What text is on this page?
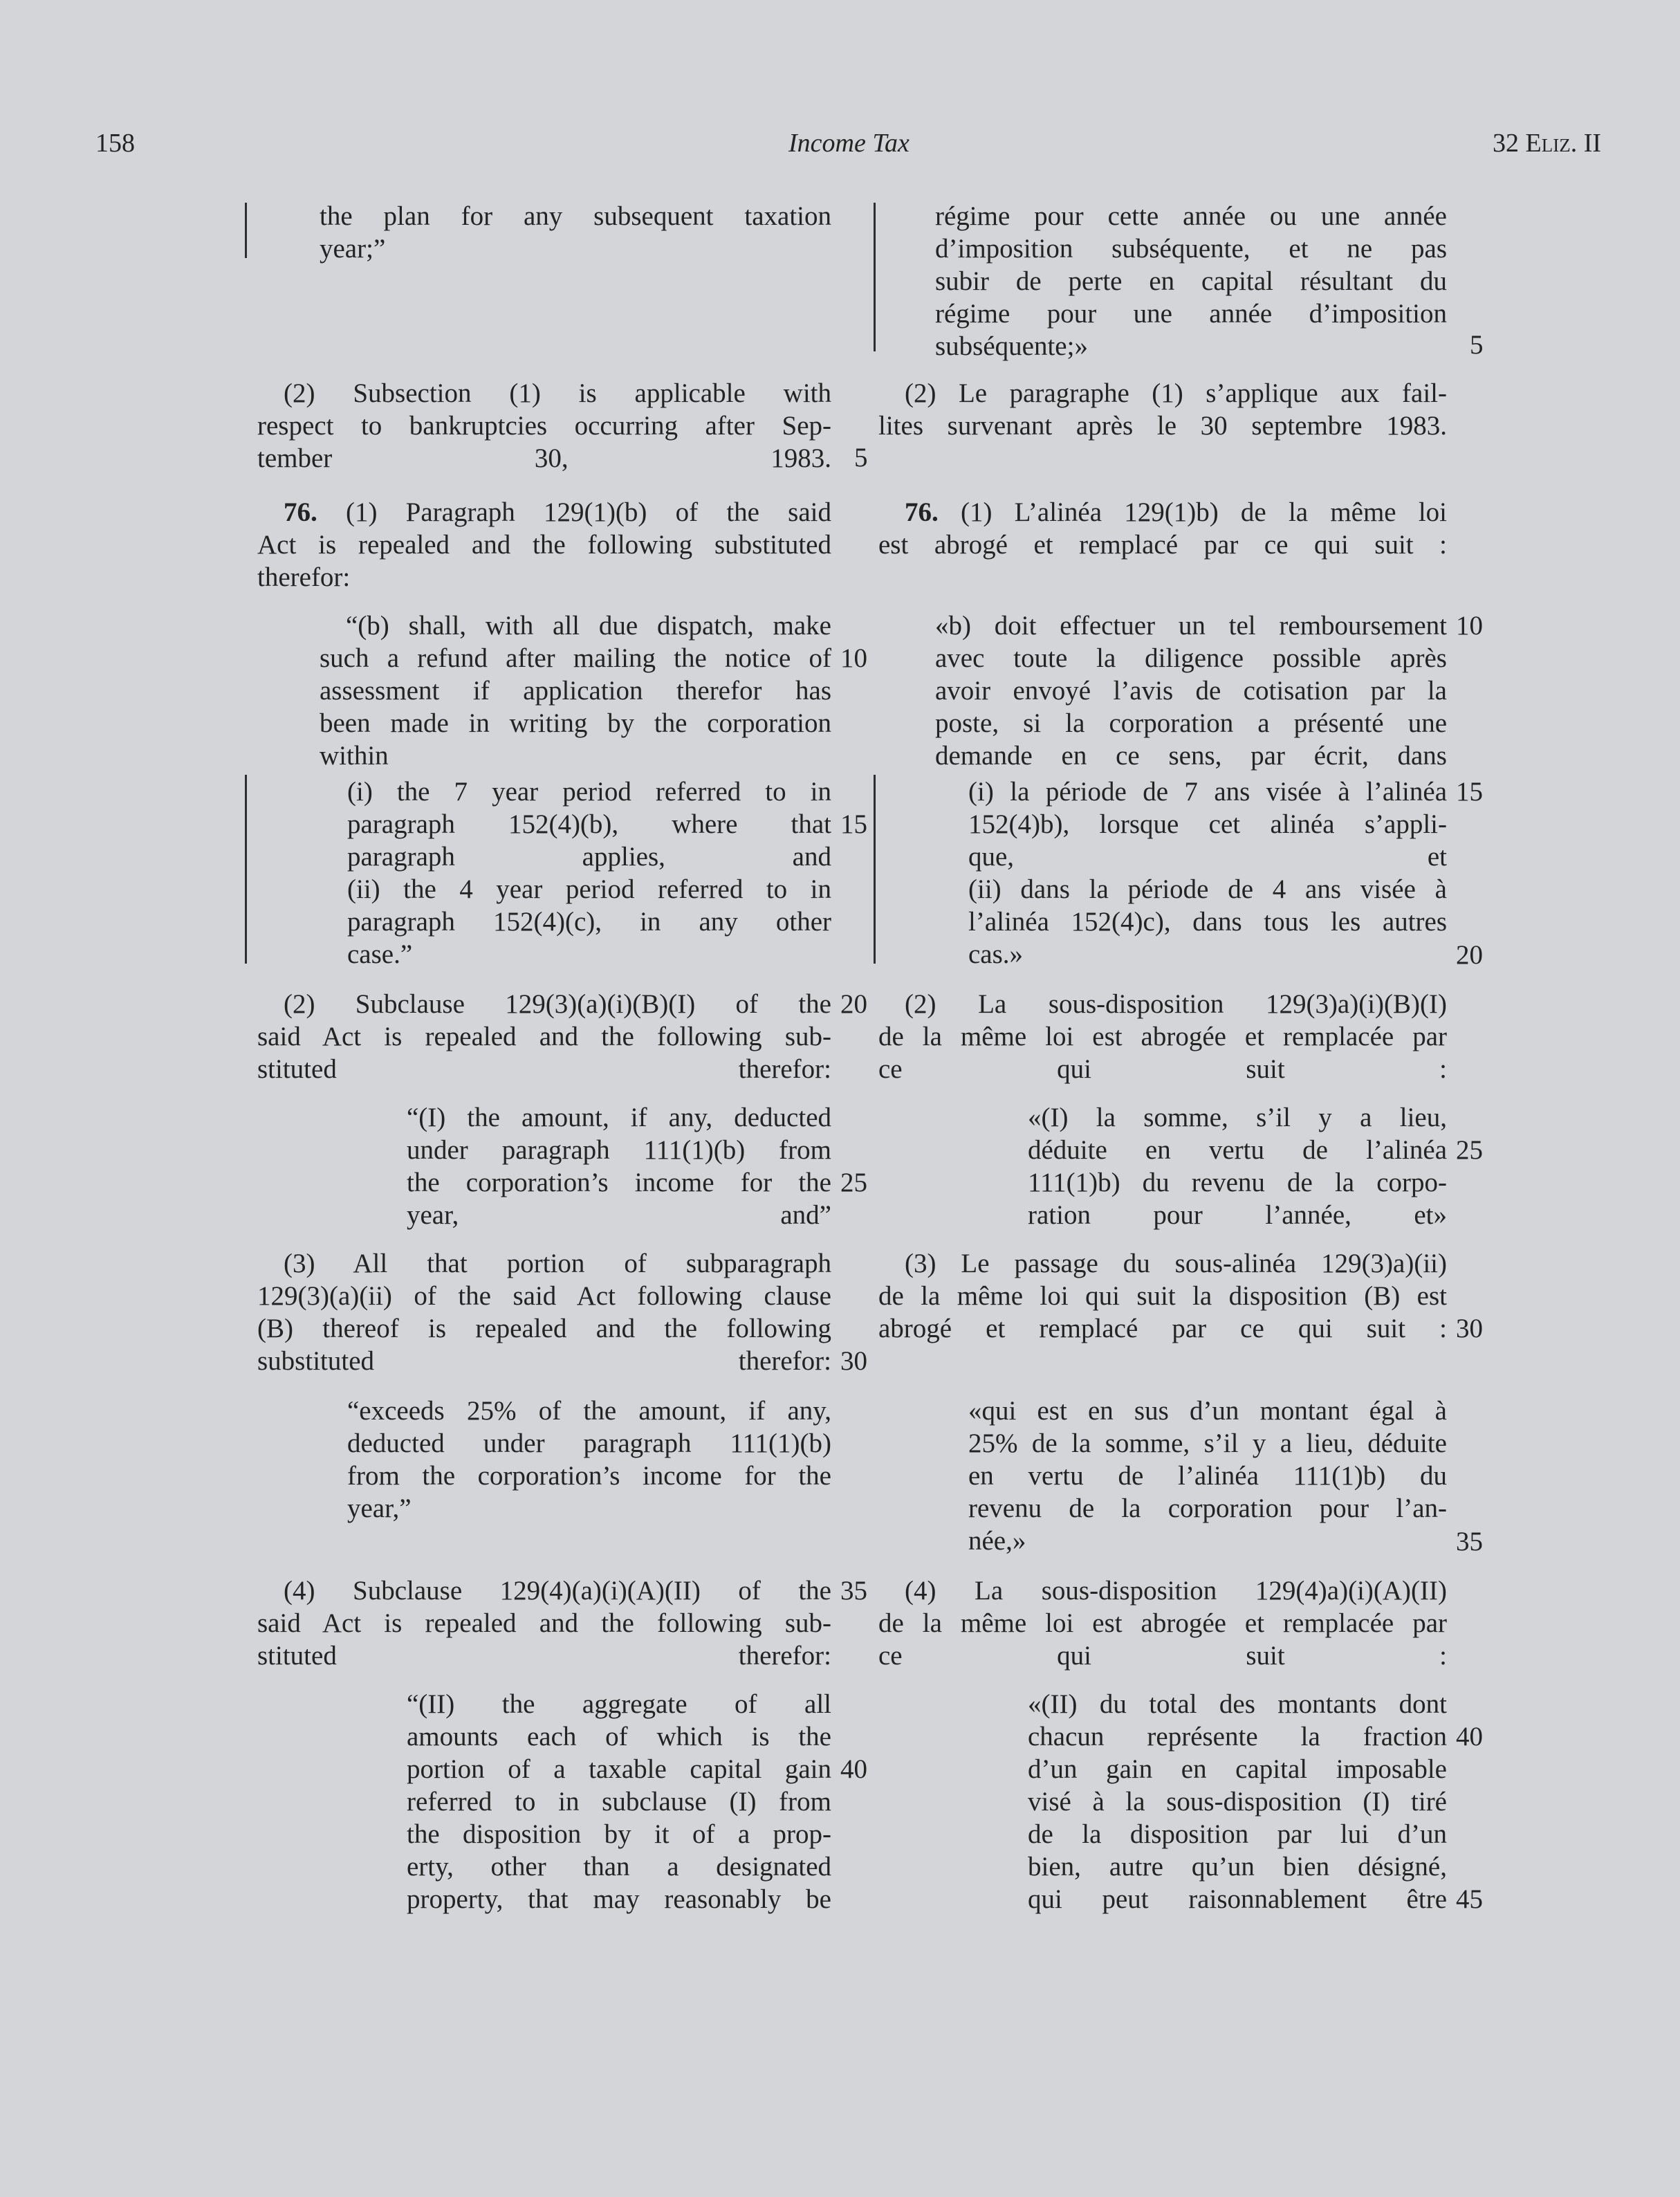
158	Income Tax	32 Eliz. II
the plan for any subsequent taxation
year;”
(2) Subsection (1) is applicable with
respect to bankruptcies occurring after Sep-
tember 30, 1983.
76. (1) Paragraph 129(1)(b) of the said
Act is repealed and the following substituted
therefor:
“(b) shall, with all due dispatch, make
such a refund after mailing the notice of
assessment if application therefor has
been made in writing by the corporation
within
(i) the 7 year period referred to in
paragraph 152(4)(b), where that
paragraph applies, and
(ii) the 4 year period referred to in
paragraph 152(4)(c), in any other
case.”
(2) Subclause 129(3)(a)(i)(B)(I) of the
said Act is repealed and the following sub-
stituted therefor:
“(I) the amount, if any, deducted
under paragraph 111(1)(b) from
the corporation’s income for the
year, and”
(3) All that portion of subparagraph
129(3)(a)(ii) of the said Act following clause
(B) thereof is repealed and the following
substituted therefor:
“exceeds 25% of the amount, if any,
deducted under paragraph 111(1)(b)
from the corporation’s income for the
year,”
(4) Subclause 129(4)(a)(i)(A)(II) of the
said Act is repealed and the following sub-
stituted therefor:
“(II) the aggregate of all
amounts each of which is the
portion of a taxable capital gain
referred to in subclause (I) from
the disposition by it of a prop-
erty, other than a designated
property, that may reasonably be
5
10
15
20
25
30
35
40
régime pour cette année ou une année
d’imposition subséquente, et ne pas
subir de perte en capital résultant du
régime pour une année d’imposition
subséquente;»
(2) Le paragraphe (1) s’applique aux fail-
lites survenant après le 30 septembre 1983.
76. (1) L’alinéa 129(1)b) de la même loi
est abrogé et remplacé par ce qui suit :
«b) doit effectuer un tel remboursement
avec toute la diligence possible après
avoir envoyé l’avis de cotisation par la
poste, si la corporation a présenté une
demande en ce sens, par écrit, dans
(i) la période de 7 ans visée à l’alinéa
152(4)b), lorsque cet alinéa s’appli-
que, et
(ii) dans la période de 4 ans visée à
l’alinéa 152(4)c), dans tous les autres
cas.»
(2) La sous-disposition 129(3)a)(i)(B)(I)
de la même loi est abrogée et remplacée par
ce qui suit :
«(I) la somme, s’il y a lieu,
déduite en vertu de l’alinéa
111(1)b) du revenu de la corpo-
ration pour l’année, et»
(3) Le passage du sous-alinéa 129(3)a)(ii)
de la même loi qui suit la disposition (B) est
abrogé et remplacé par ce qui suit :
«qui est en sus d’un montant égal à
25% de la somme, s’il y a lieu, déduite
en vertu de l’alinéa 111(1)b) du
revenu de la corporation pour l’an-
née,»
(4) La sous-disposition 129(4)a)(i)(A)(II)
de la même loi est abrogée et remplacée par
ce qui suit :
«(II) du total des montants dont
chacun représente la fraction
d’un gain en capital imposable
visé à la sous-disposition (I) tiré
de la disposition par lui d’un
bien, autre qu’un bien désigné,
qui peut raisonnablement être
5
10
15
20
25
30
35
40
45
